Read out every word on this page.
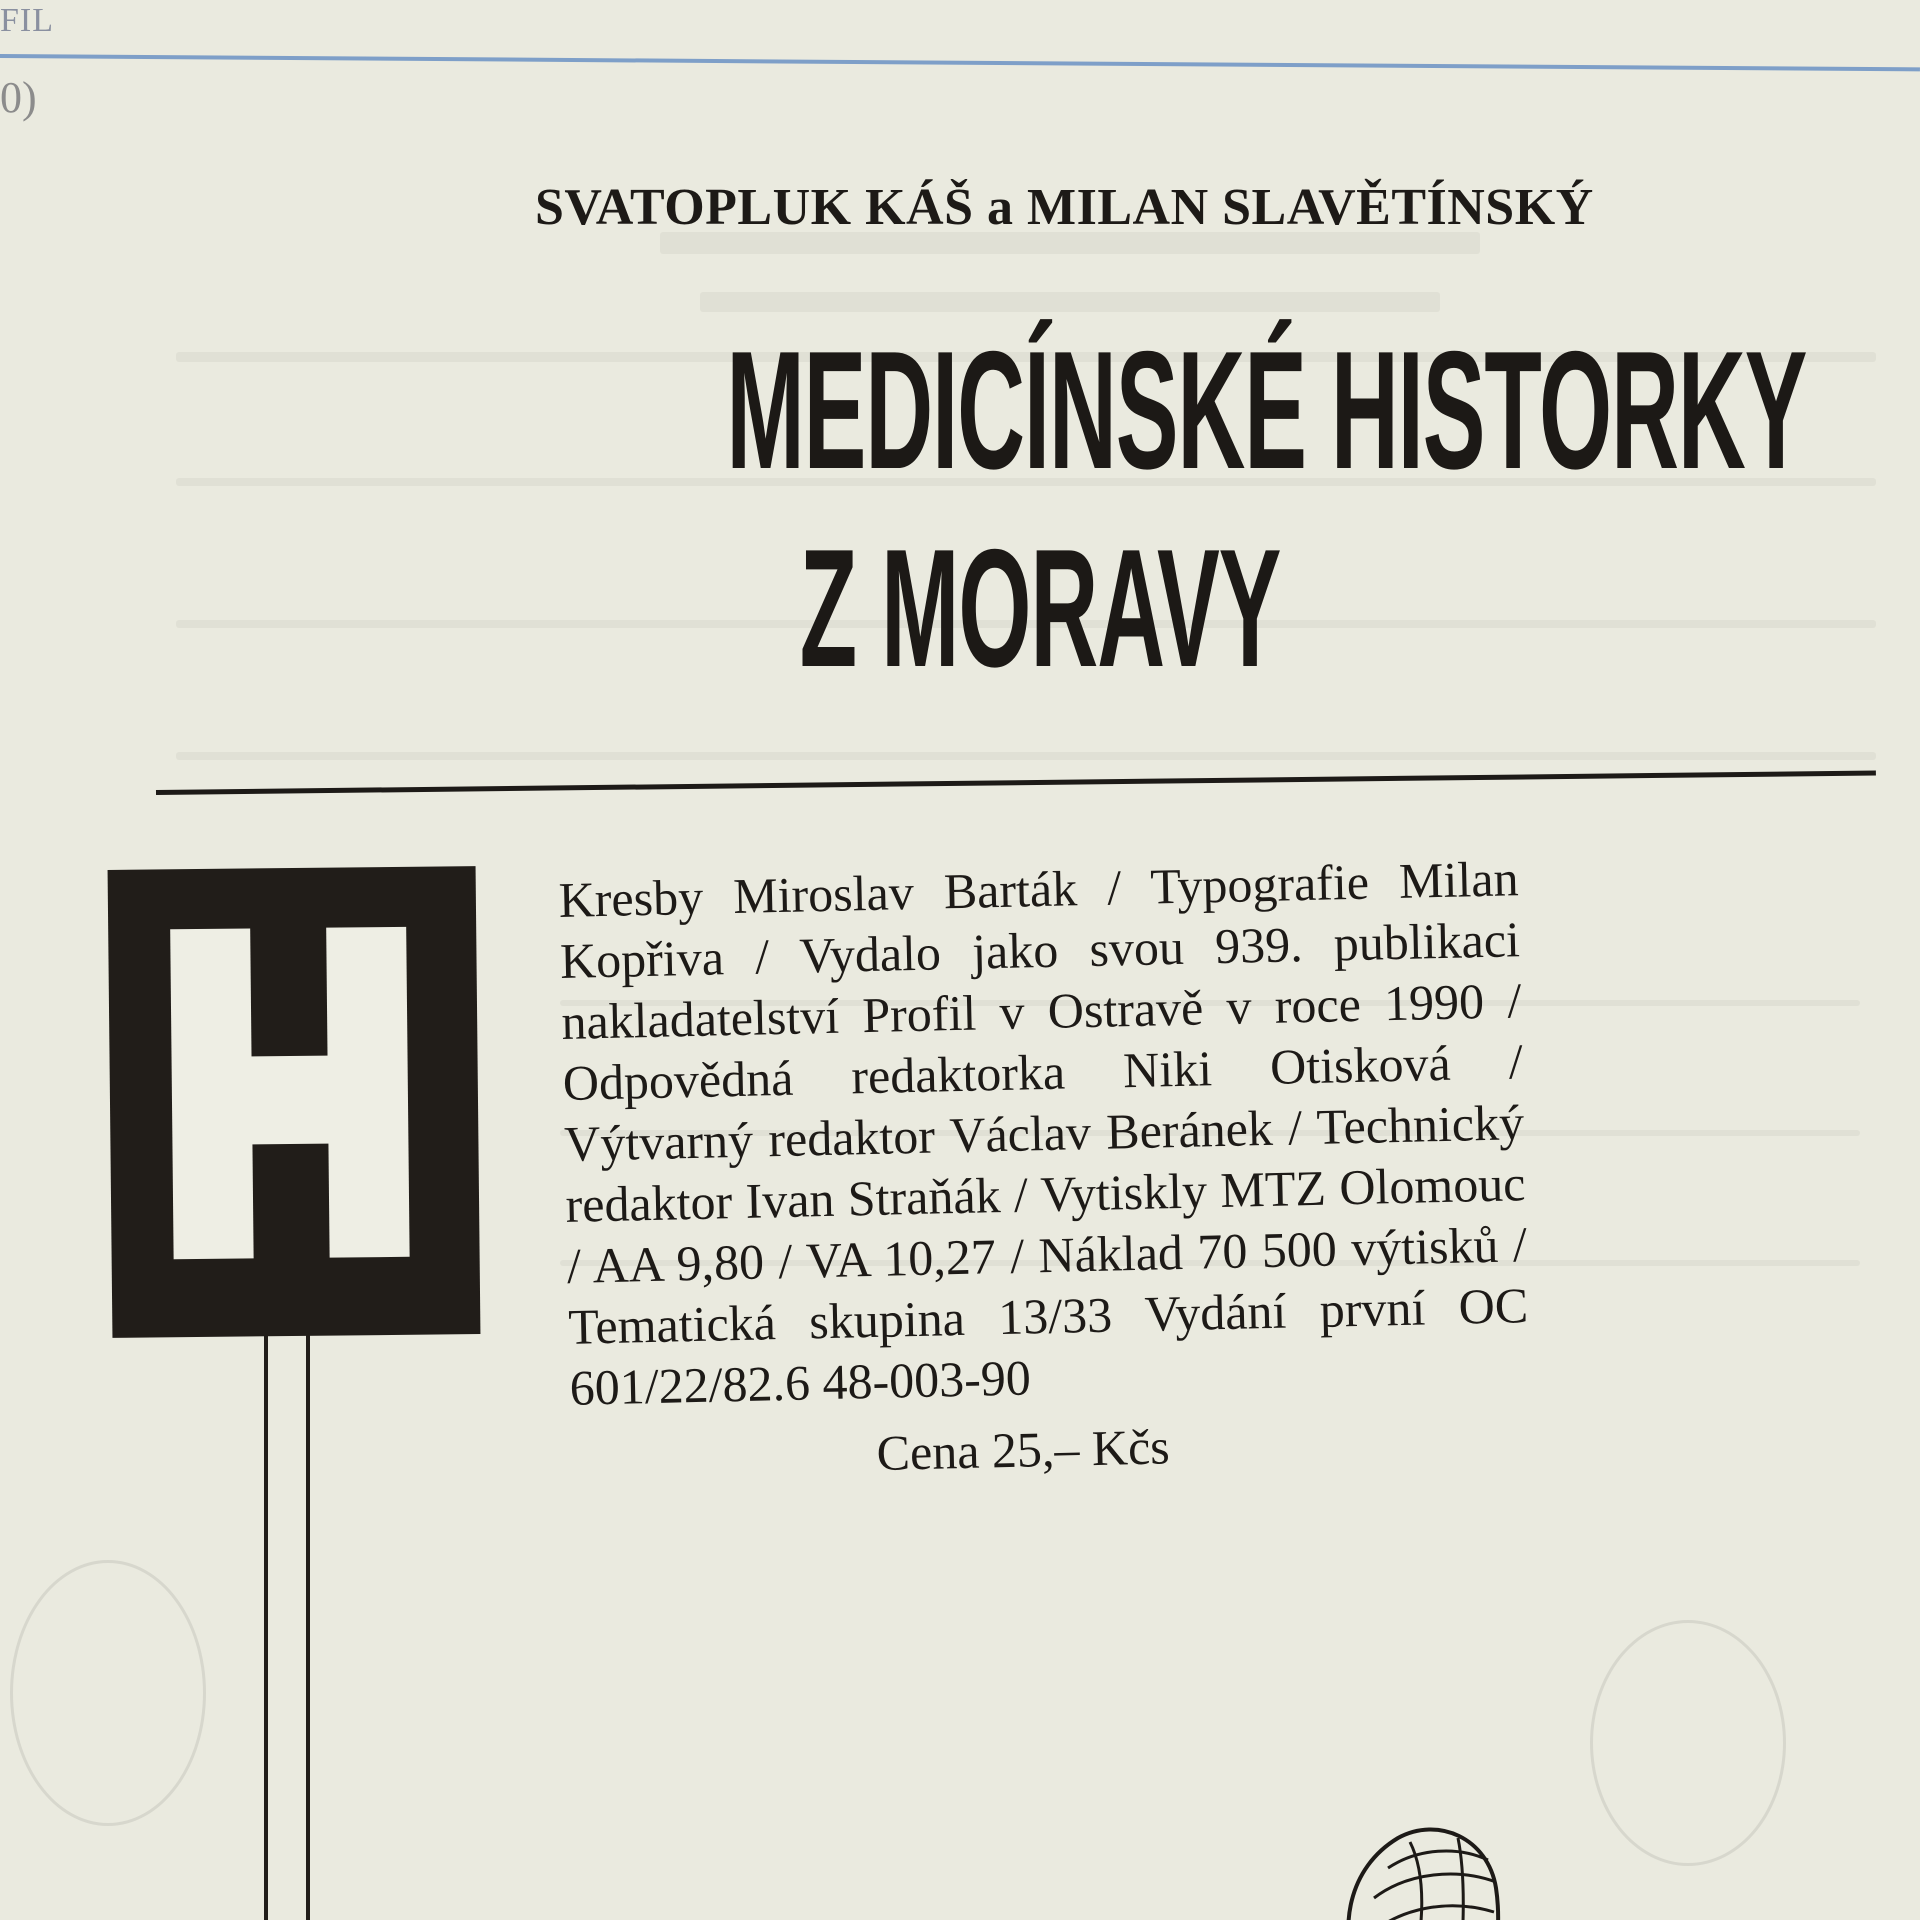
FIL
0)
SVATOPLUK KÁŠ a MILAN SLAVĚTÍNSKÝ
MEDICÍNSKÉ HISTORKY
Z MORAVY
Kresby Miroslav Barták / Typografie Milan Kopřiva / Vydalo jako svou 939. publikaci nakladatelství Profil v Ostravě v roce 1990 / Odpovědná redaktorka Niki Otisková / Výtvarný redaktor Václav Beránek / Technický redaktor Ivan Straňák / Vytiskly MTZ Olomouc / AA 9,80 / VA 10,27 / Náklad 70 500 výtisků / Tematická skupina 13/33 Vydání první OC 601/22/82.6 48-003-90
Cena 25,– Kčs
